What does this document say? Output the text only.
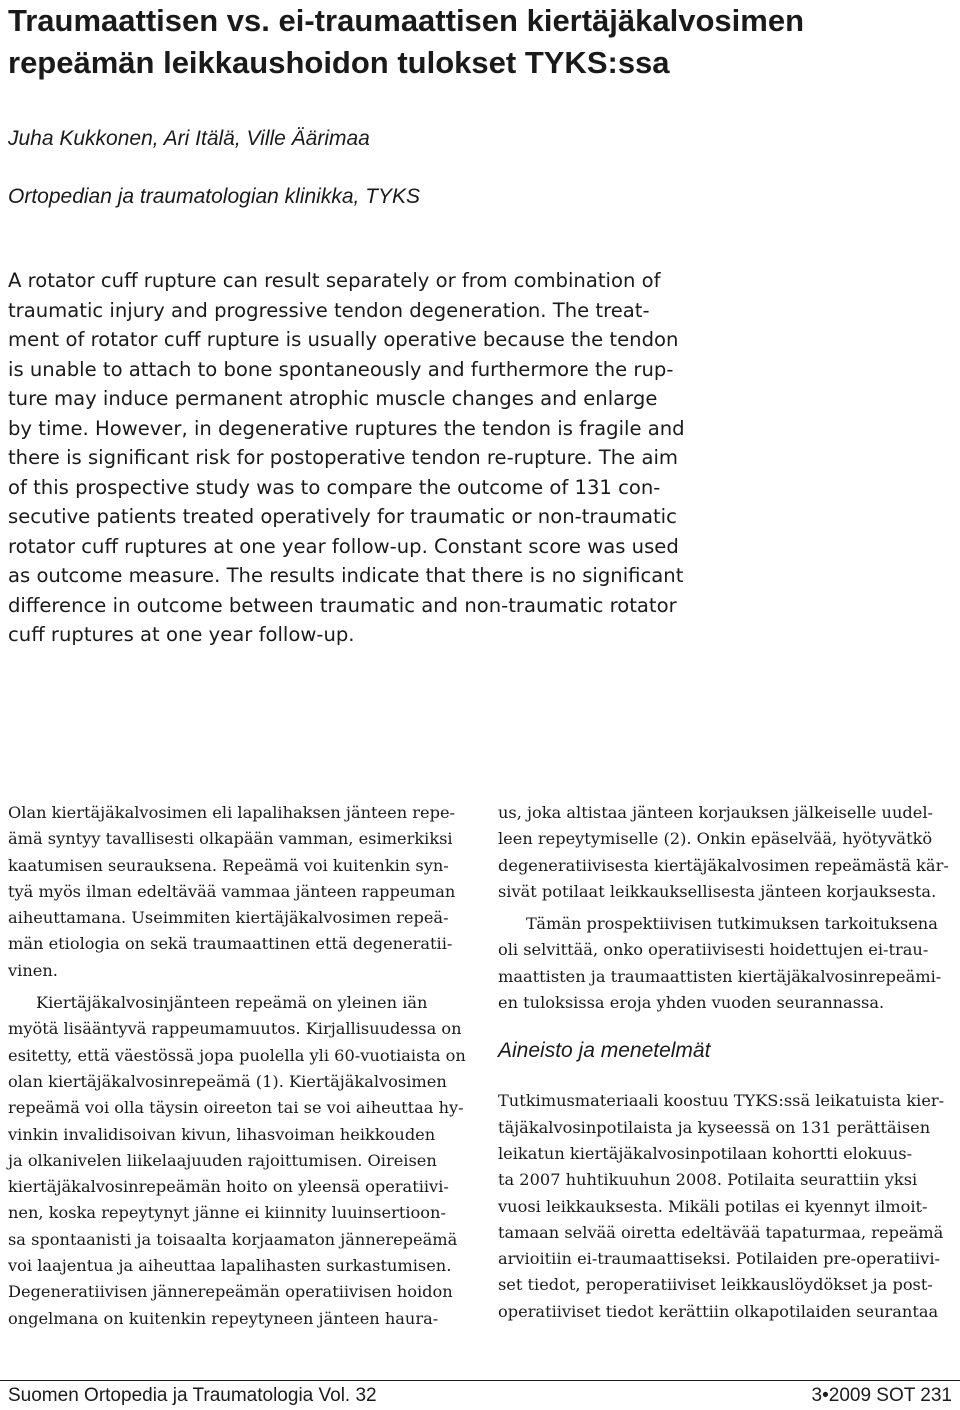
Traumaattisen vs. ei-traumaattisen kiertäjäkalvosimen
repeämän leikkaushoidon tulokset TYKS:ssa
Juha Kukkonen, Ari Itälä, Ville Äärimaa
Ortopedian ja traumatologian klinikka, TYKS
A rotator cuff rupture can result separately or from combination of
traumatic injury and progressive tendon degeneration. The treat-
ment of rotator cuff rupture is usually operative because the tendon
is unable to attach to bone spontaneously and furthermore the rup-
ture may induce permanent atrophic muscle changes and enlarge
by time. However, in degenerative ruptures the tendon is fragile and
there is significant risk for postoperative tendon re-rupture. The aim
of this prospective study was to compare the outcome of 131 con-
secutive patients treated operatively for traumatic or non-traumatic
rotator cuff ruptures at one year follow-up. Constant score was used
as outcome measure. The results indicate that there is no significant
difference in outcome between traumatic and non-traumatic rotator
cuff ruptures at one year follow-up.
Olan kiertäjäkalvosimen eli lapalihaksen jänteen repe-
ämä syntyy tavallisesti olkapään vamman, esimerkiksi
kaatumisen seurauksena. Repeämä voi kuitenkin syn-
tyä myös ilman edeltävää vammaa jänteen rappeuman
aiheuttamana. Useimmiten kiertäjäkalvosimen repeä-
män etiologia on sekä traumaattinen että degeneratii-
vinen.
Kiertäjäkalvosinjänteen repeämä on yleinen iän
myötä lisääntyvä rappeumamuutos. Kirjallisuudessa on
esitetty, että väestössä jopa puolella yli 60-vuotiaista on
olan kiertäjäkalvosinrepeämä (1). Kiertäjäkalvosimen
repeämä voi olla täysin oireeton tai se voi aiheuttaa hy-
vinkin invalidisoivan kivun, lihasvoiman heikkouden
ja olkanivelen liikelaajuuden rajoittumisen. Oireisen
kiertäjäkalvosinrepeämän hoito on yleensä operatiivi-
nen, koska repeytynyt jänne ei kiinnity luuinsertioon-
sa spontaanisti ja toisaalta korjaamaton jännerepeämä
voi laajentua ja aiheuttaa lapalihasten surkastumisen.
Degeneratiivisen jännerepeämän operatiivisen hoidon
ongelmana on kuitenkin repeytyneen jänteen haura-
us, joka altistaa jänteen korjauksen jälkeiselle uudel-
leen repeytymiselle (2). Onkin epäselvää, hyötyvätkö
degeneratiivisesta kiertäjäkalvosimen repeämästä kär-
sivät potilaat leikkauksellisesta jänteen korjauksesta.
Tämän prospektiivisen tutkimuksen tarkoituksena
oli selvittää, onko operatiivisesti hoidettujen ei-trau-
maattisten ja traumaattisten kiertäjäkalvosinrepeämi-
en tuloksissa eroja yhden vuoden seurannassa.
Aineisto ja menetelmät
Tutkimusmateriaali koostuu TYKS:ssä leikatuista kier-
täjäkalvosinpotilaista ja kyseessä on 131 perättäisen
leikatun kiertäjäkalvosinpotilaan kohortti elokuus-
ta 2007 huhtikuuhun 2008. Potilaita seurattiin yksi
vuosi leikkauksesta. Mikäli potilas ei kyennyt ilmoit-
tamaan selvää oiretta edeltävää tapaturmaa, repeämä
arvioitiin ei-traumaattiseksi. Potilaiden pre-operatiivi-
set tiedot, peroperatiiviset leikkauslöydökset ja post-
operatiiviset tiedot kerättiin olkapotilaiden seurantaa
Suomen Ortopedia ja Traumatologia Vol. 32	3•2009 SOT 231
